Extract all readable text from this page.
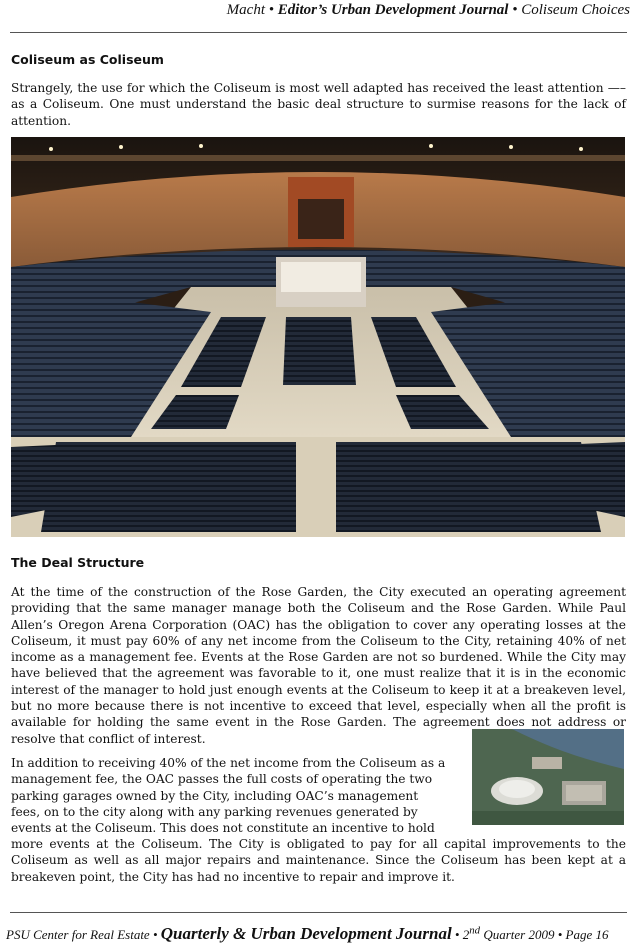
Macht • Editor’s Urban Development Journal • Coliseum Choices
Coliseum as Coliseum

Strangely, the use for which the Coliseum is most well adapted has received the least attention —– as a Coliseum. One must understand the basic deal structure to surmise reasons for the lack of attention.

The Deal Structure

At the time of the construction of the Rose Garden, the City executed an operating agreement providing that the same manager manage both the Coliseum and the Rose Garden. While Paul Allen’s Oregon Arena Corporation (OAC) has the obligation to cover any operating losses at the Coliseum, it must pay 60% of any net income from the Coliseum to the City, retaining 40% of net income as a management fee. Events at the Rose Garden are not so burdened. While the City may have believed that the agreement was favorable to it, one must realize that it is in the economic interest of the manager to hold just enough events at the Coliseum to keep it at a breakeven level, but no more because there is not incentive to exceed that level, especially when all the profit is available for holding the same event in the Rose Garden. The agreement does not address or resolve that conflict of interest.

In addition to receiving 40% of the net income from the Coliseum as a
management fee, the OAC passes the full costs of operating the two
parking garages owned by the City, including OAC’s management
fees, on to the city along with any parking revenues generated by
events at the Coliseum. This does not constitute an incentive to hold

more events at the Coliseum. The City is obligated to pay for all capital improvements to the Coliseum as well as all major repairs and maintenance. Since the Coliseum has been kept at a breakeven point, the City has had no incentive to repair and improve it.

PSU Center for Real Estate • Quarterly & Urban Development Journal • 2nd Quarter 2009 • Page 16
